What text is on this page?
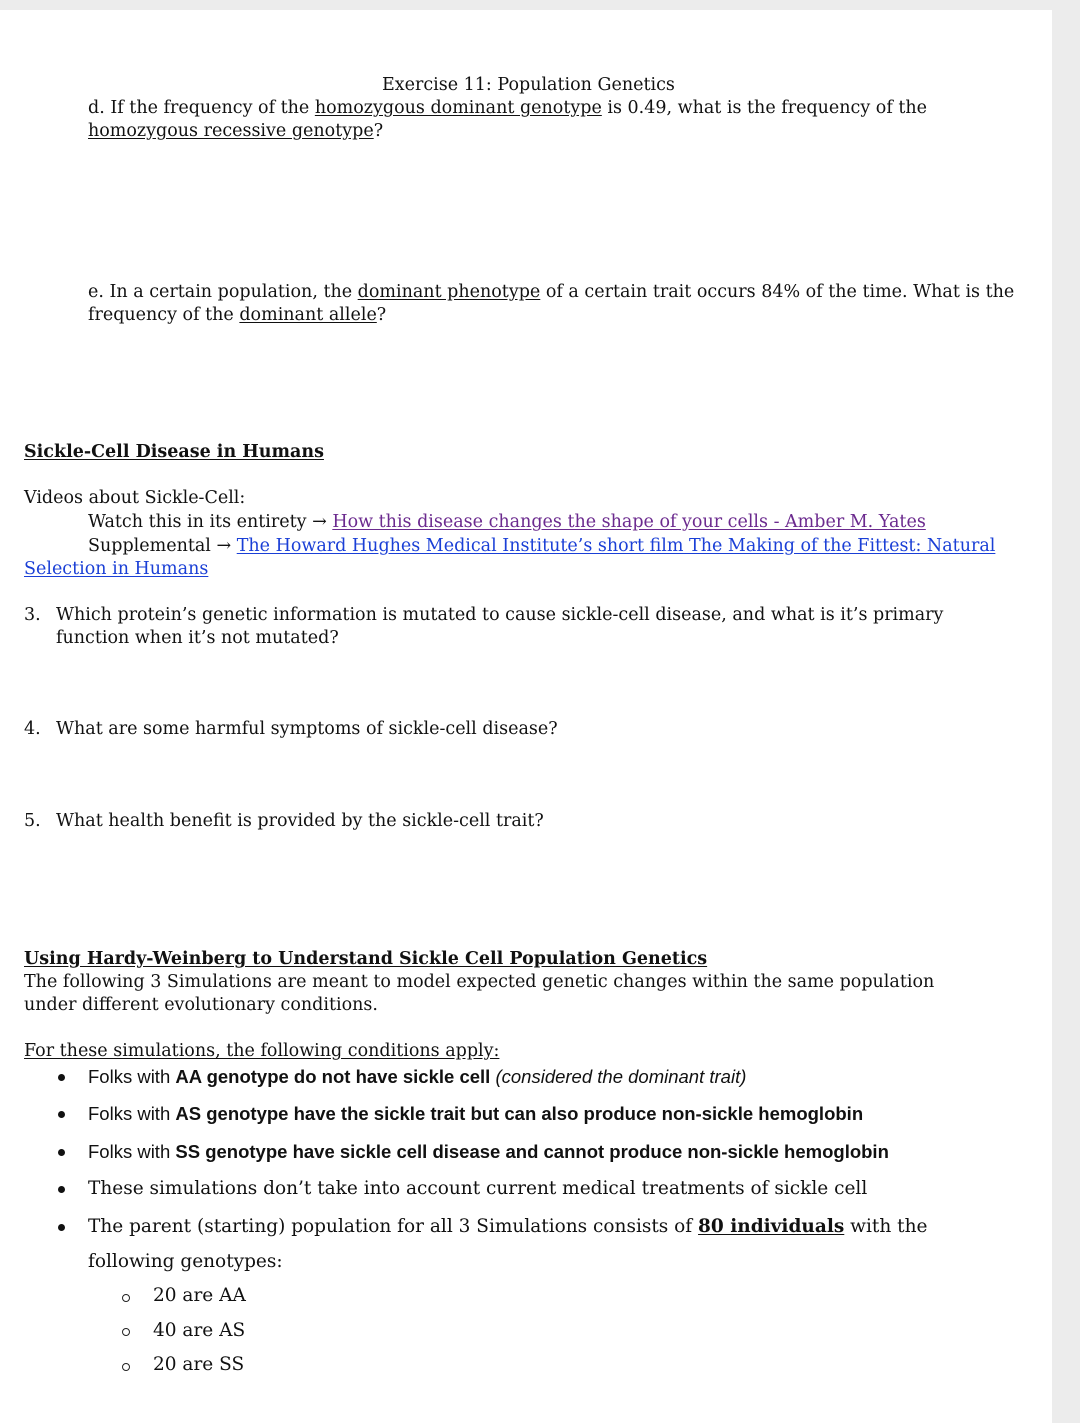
Exercise 11: Population Genetics
d. If the frequency of the homozygous dominant genotype is 0.49, what is the frequency of the
homozygous recessive genotype?
e. In a certain population, the dominant phenotype of a certain trait occurs 84% of the time. What is the
frequency of the dominant allele?
Sickle-Cell Disease in Humans
Videos about Sickle-Cell:
Watch this in its entirety → How this disease changes the shape of your cells - Amber M. Yates
Supplemental → The Howard Hughes Medical Institute’s short film The Making of the Fittest: Natural
Selection in Humans
3. Which protein’s genetic information is mutated to cause sickle-cell disease, and what is it’s primary
function when it’s not mutated?
4. What are some harmful symptoms of sickle-cell disease?
5. What health benefit is provided by the sickle-cell trait?
Using Hardy-Weinberg to Understand Sickle Cell Population Genetics
The following 3 Simulations are meant to model expected genetic changes within the same population
under different evolutionary conditions.
For these simulations, the following conditions apply:
Folks with AA genotype do not have sickle cell (considered the dominant trait)
Folks with AS genotype have the sickle trait but can also produce non-sickle hemoglobin
Folks with SS genotype have sickle cell disease and cannot produce non-sickle hemoglobin
These simulations don’t take into account current medical treatments of sickle cell
The parent (starting) population for all 3 Simulations consists of 80 individuals with the
following genotypes:
20 are AA
40 are AS
20 are SS
